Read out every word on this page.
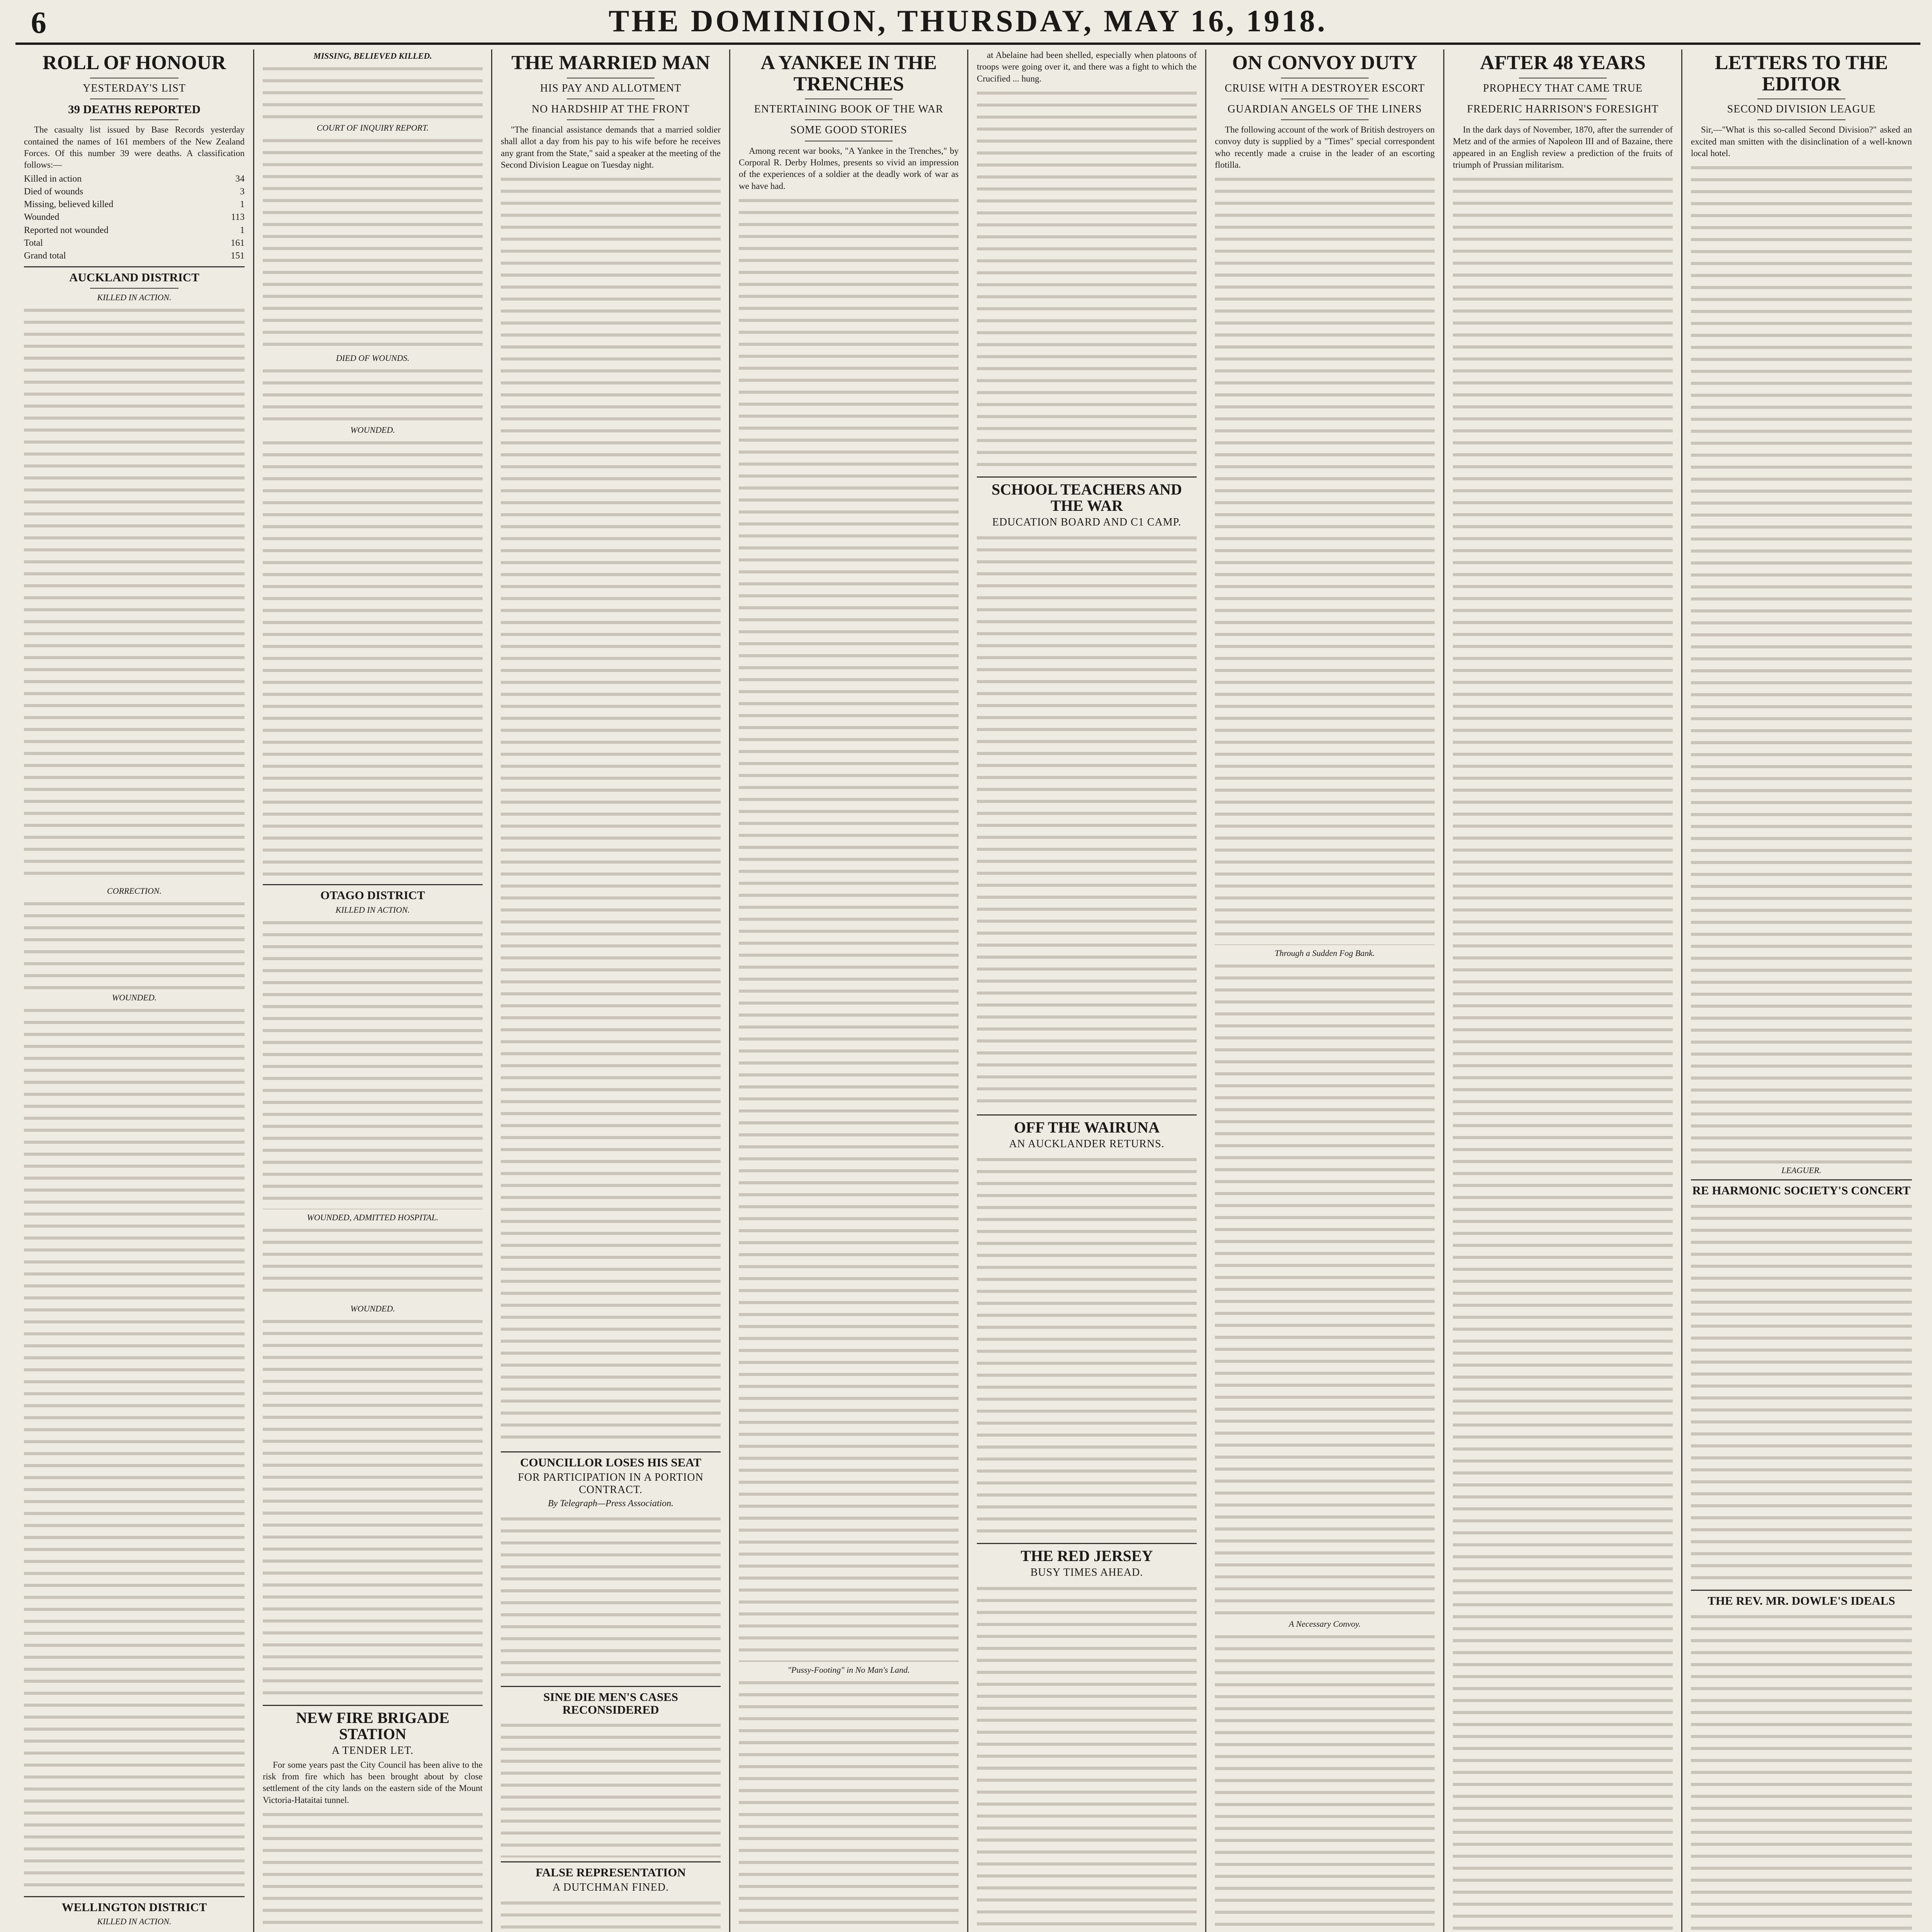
6	THE DOMINION, THURSDAY, MAY 16, 1918.
ROLL OF HONOUR
YESTERDAY'S LIST
39 DEATHS REPORTED

The casualty list issued by Base Records yesterday contained the names of 161 members of the New Zealand Forces. Of this number 39 were deaths. A classification follows:—

Killed in action	34
Died of wounds	3
Missing, believed killed	1
Wounded	113
Reported not wounded	1
Total	161
Grand total	151
AUCKLAND DISTRICT
KILLED IN ACTION.
CORRECTION.
WOUNDED.
WELLINGTON DISTRICT
KILLED IN ACTION.
MISSING, BELIEVED KILLED.
COURT OF INQUIRY REPORT.
DIED OF WOUNDS.
WOUNDED.
OTAGO DISTRICT
KILLED IN ACTION.
WOUNDED, ADMITTED HOSPITAL.
WOUNDED.
NEW FIRE BRIGADE STATION
A TENDER LET.

For some years past the City Council has been alive to the risk from fire which has been brought about by close settlement of the city lands on the eastern side of the Mount Victoria-Hataitai tunnel.

THE MARRIED MAN
HIS PAY AND ALLOTMENT
NO HARDSHIP AT THE FRONT

"The financial assistance demands that a married soldier shall allot a day from his pay to his wife before he receives any grant from the State," said a speaker at the meeting of the Second Division League on Tuesday night.

COUNCILLOR LOSES HIS SEAT
FOR PARTICIPATION IN A PORTION CONTRACT.
By Telegraph—Press Association.
SINE DIE MEN'S CASES RECONSIDERED
FALSE REPRESENTATION
A DUTCHMAN FINED.
A YANKEE IN THE TRENCHES
ENTERTAINING BOOK OF THE WAR
SOME GOOD STORIES

Among recent war books, "A Yankee in the Trenches," by Corporal R. Derby Holmes, presents so vivid an impression of the experiences of a soldier at the deadly work of war as we have had.

"Pussy-Footing" in No Man's Land.

at Abelaine had been shelled, especially when platoons of troops were going over it, and there was a fight to which the Crucified ... hung.

SCHOOL TEACHERS AND THE WAR
EDUCATION BOARD AND C1 CAMP.
OFF THE WAIRUNA
AN AUCKLANDER RETURNS.
THE RED JERSEY
BUSY TIMES AHEAD.
ON CONVOY DUTY
CRUISE WITH A DESTROYER ESCORT
GUARDIAN ANGELS OF THE LINERS

The following account of the work of British destroyers on convoy duty is supplied by a "Times" special correspondent who recently made a cruise in the leader of an escorting flotilla.

Through a Sudden Fog Bank.
A Necessary Convoy.
AFTER 48 YEARS
PROPHECY THAT CAME TRUE
FREDERIC HARRISON'S FORESIGHT

In the dark days of November, 1870, after the surrender of Metz and of the armies of Napoleon III and of Bazaine, there appeared in an English review a prediction of the fruits of triumph of Prussian militarism.

LETTERS TO THE EDITOR
SECOND DIVISION LEAGUE

Sir,—"What is this so-called Second Division?" asked an excited man smitten with the disinclination of a well-known local hotel.

LEAGUER.
RE HARMONIC SOCIETY'S CONCERT
THE REV. MR. DOWLE'S IDEALS
